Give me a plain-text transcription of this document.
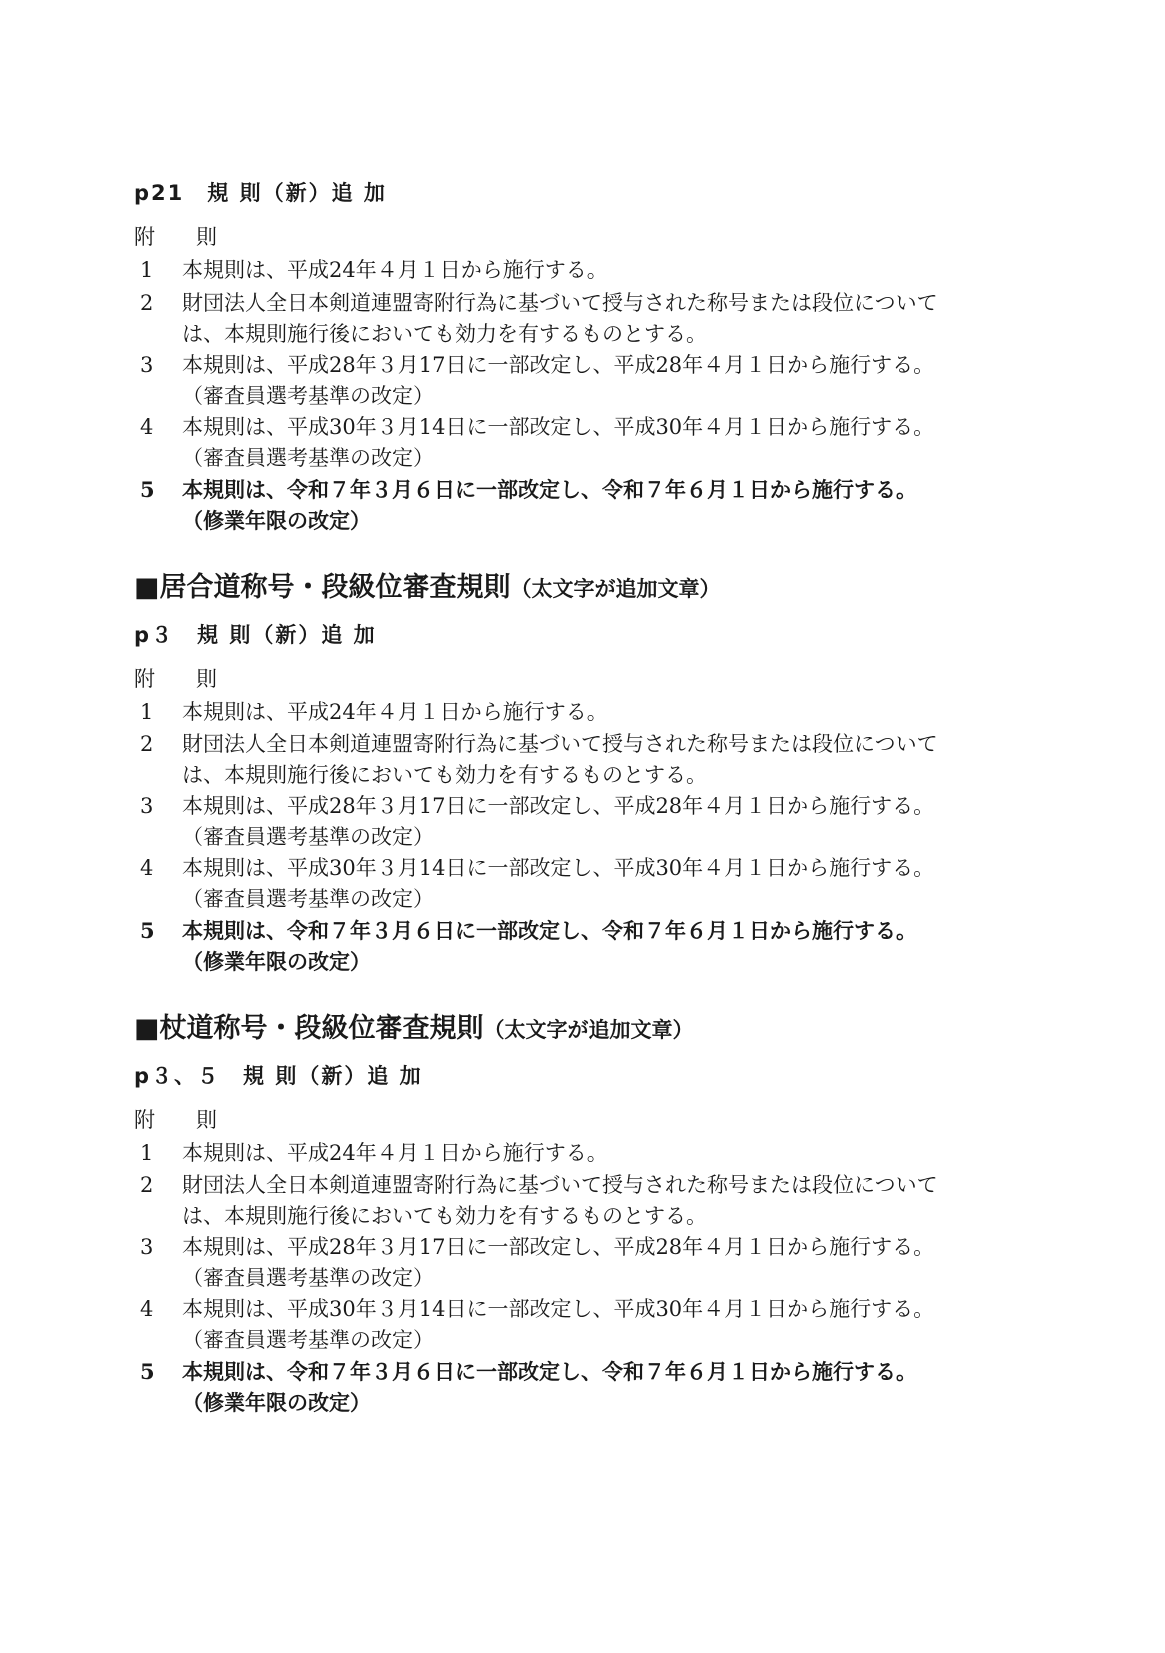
p21　規 則（新）追 加
附　則
1	本規則は、平成24年４月１日から施行する。
2	財団法人全日本剣道連盟寄附行為に基づいて授与された称号または段位について
は、本規則施行後においても効力を有するものとする。
3	本規則は、平成28年３月17日に一部改定し、平成28年４月１日から施行する。
（審査員選考基準の改定）
4	本規則は、平成30年３月14日に一部改定し、平成30年４月１日から施行する。
（審査員選考基準の改定）
5	本規則は、令和７年３月６日に一部改定し、令和７年６月１日から施行する。
（修業年限の改定）
■居合道称号・段級位審査規則（太文字が追加文章）
p３　規 則（新）追 加
附　則
1	本規則は、平成24年４月１日から施行する。
2	財団法人全日本剣道連盟寄附行為に基づいて授与された称号または段位について
は、本規則施行後においても効力を有するものとする。
3	本規則は、平成28年３月17日に一部改定し、平成28年４月１日から施行する。
（審査員選考基準の改定）
4	本規則は、平成30年３月14日に一部改定し、平成30年４月１日から施行する。
（審査員選考基準の改定）
5	本規則は、令和７年３月６日に一部改定し、令和７年６月１日から施行する。
（修業年限の改定）
■杖道称号・段級位審査規則（太文字が追加文章）
p３、５　規 則（新）追 加
附　則
1	本規則は、平成24年４月１日から施行する。
2	財団法人全日本剣道連盟寄附行為に基づいて授与された称号または段位について
は、本規則施行後においても効力を有するものとする。
3	本規則は、平成28年３月17日に一部改定し、平成28年４月１日から施行する。
（審査員選考基準の改定）
4	本規則は、平成30年３月14日に一部改定し、平成30年４月１日から施行する。
（審査員選考基準の改定）
5	本規則は、令和７年３月６日に一部改定し、令和７年６月１日から施行する。
（修業年限の改定）
